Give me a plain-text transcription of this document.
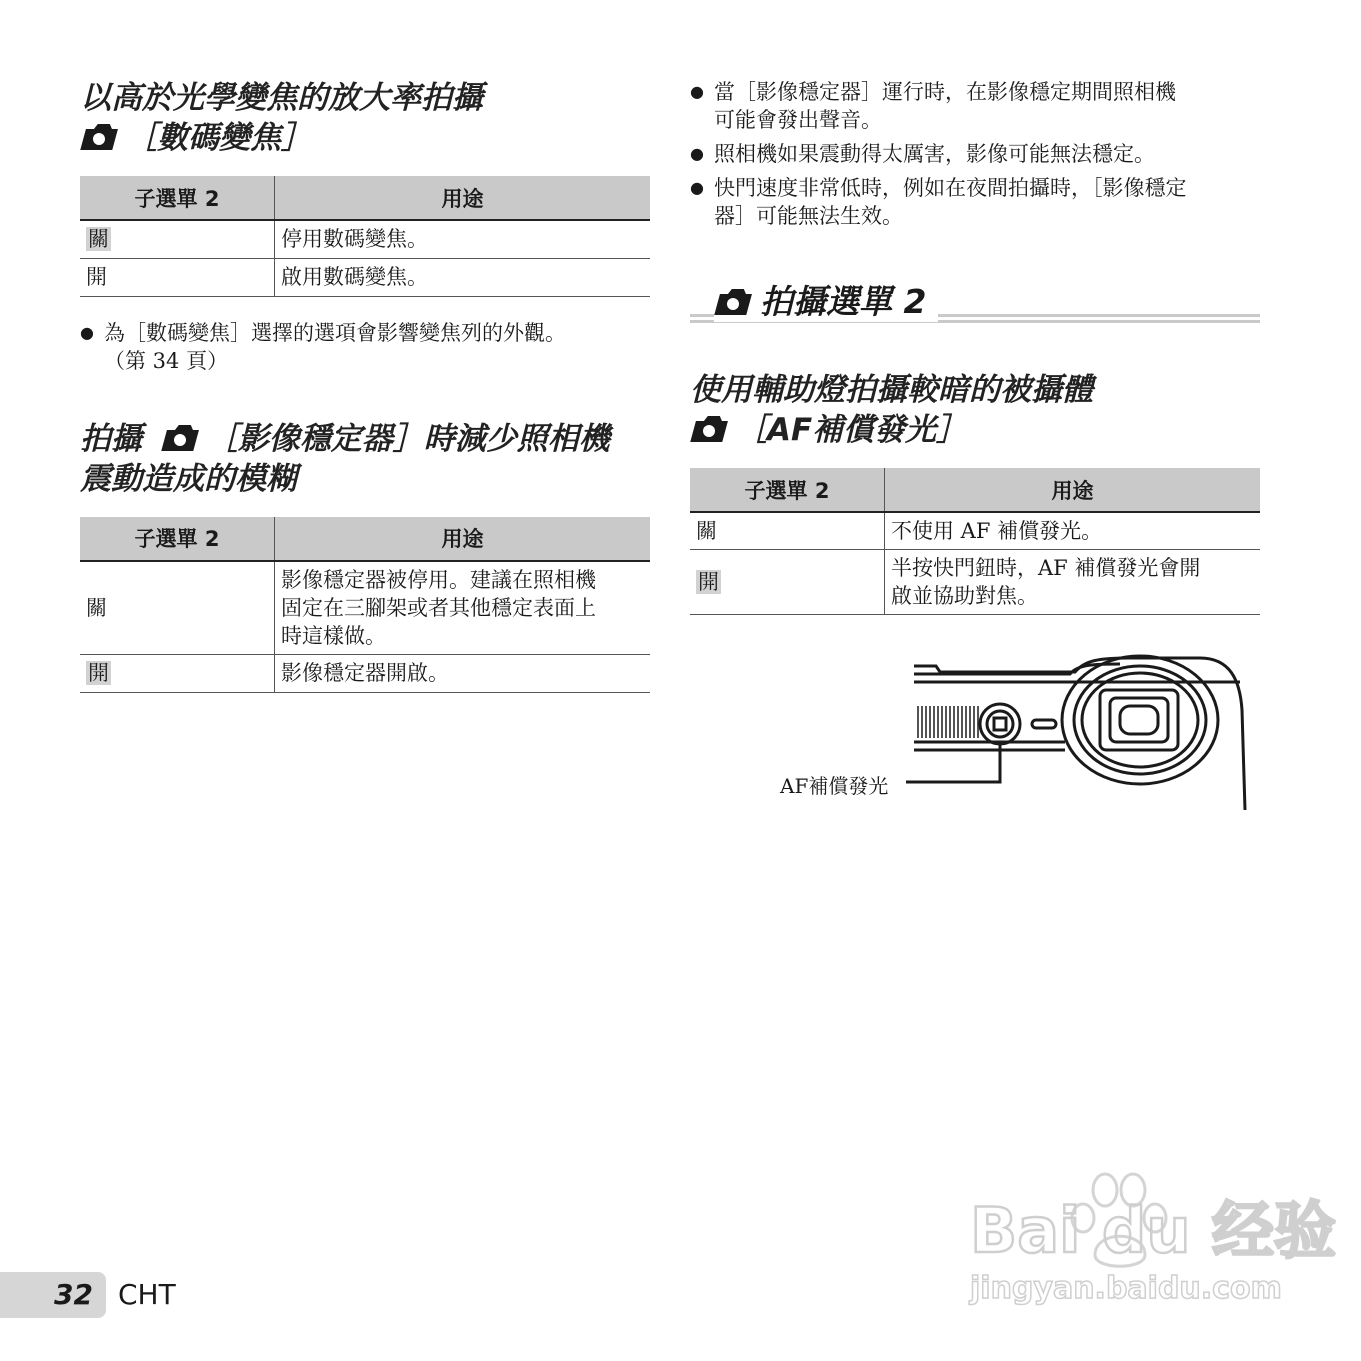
以高於光學變焦的放大率拍攝
［數碼變焦］
子選單 2	用途
關	停用數碼變焦。
開	啟用數碼變焦。
● 為［數碼變焦］選擇的選項會影響變焦列的外觀。
（第 34 頁）
拍攝 ［影像穩定器］時減少照相機
震動造成的模糊
子選單 2	用途
關	影像穩定器被停用。建議在照相機
固定在三腳架或者其他穩定表面上
時這樣做。
開	影像穩定器開啟。
● 當［影像穩定器］運行時，在影像穩定期間照相機
可能會發出聲音。
● 照相機如果震動得太厲害，影像可能無法穩定。
● 快門速度非常低時，例如在夜間拍攝時，［影像穩定
器］可能無法生效。
拍攝選單 2
使用輔助燈拍攝較暗的被攝體
［AF補償發光］
子選單 2	用途
關	不使用 AF 補償發光。
開	半按快門鈕時，AF 補償發光會開
啟並協助對焦。
AF補償發光
Bai du 经验
jingyan.baidu.com
32 CHT
